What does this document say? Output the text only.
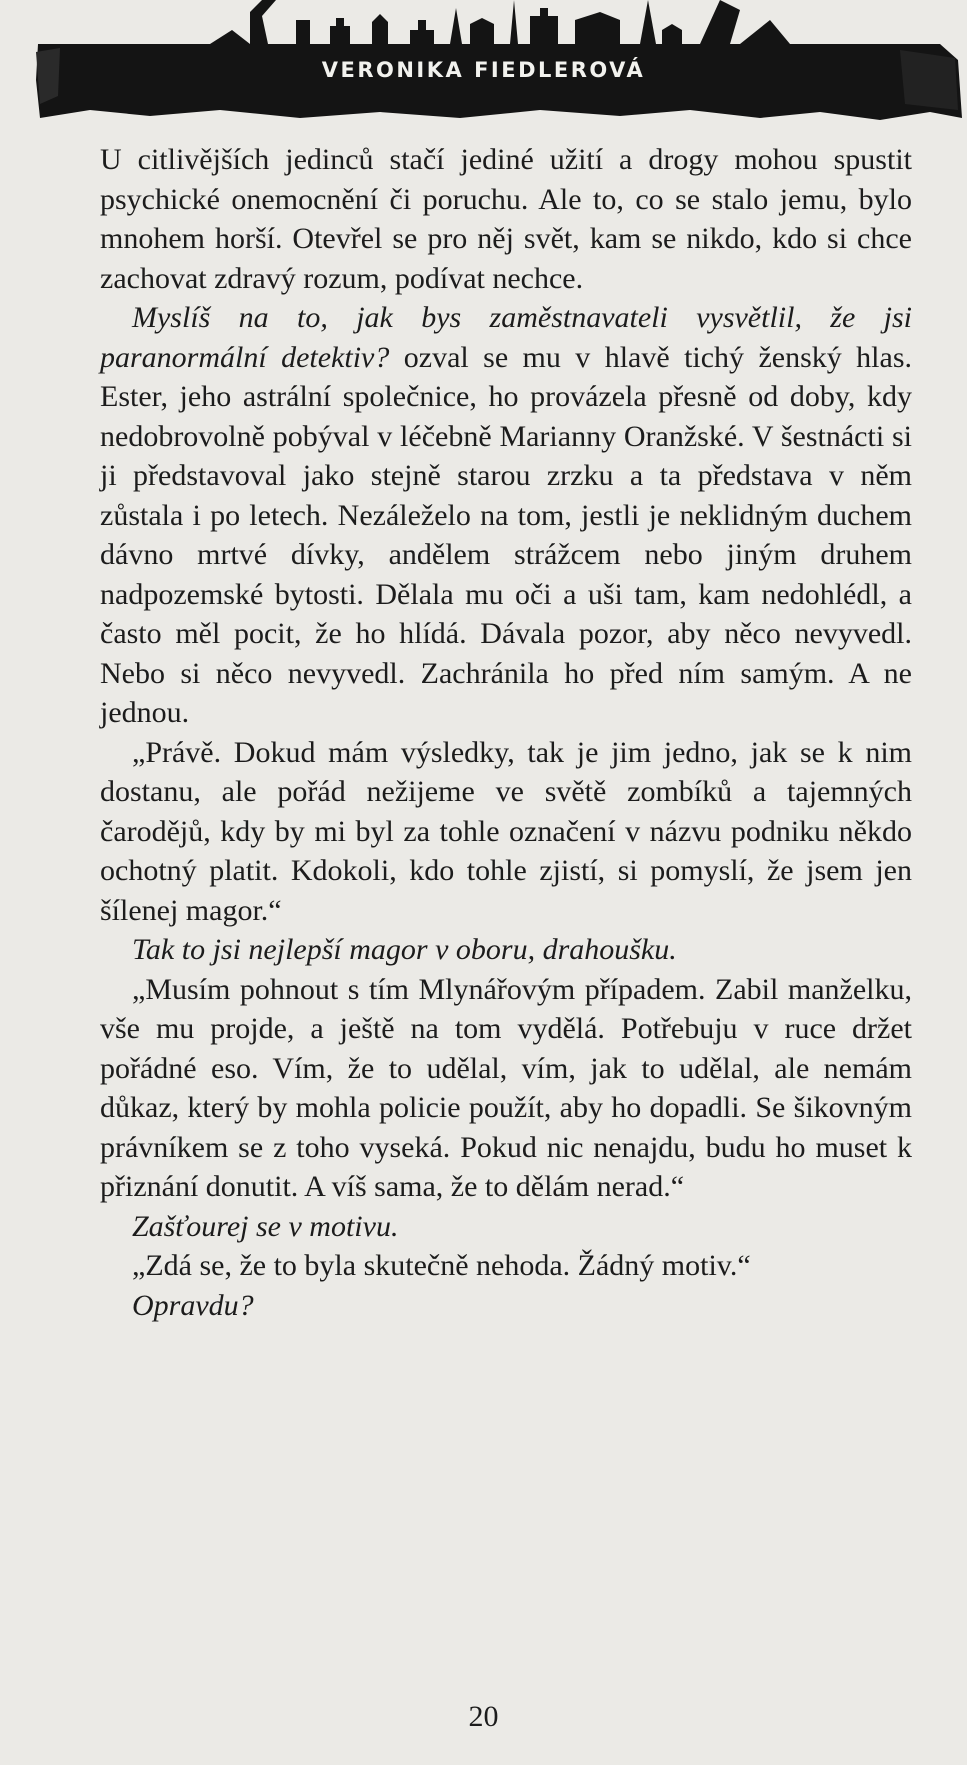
VERONIKA FIEDLEROVÁ

U citlivějších jedinců stačí jediné užití a drogy mohou spustit psychické onemocnění či poruchu. Ale to, co se stalo jemu, bylo mnohem horší. Otevřel se pro něj svět, kam se nikdo, kdo si chce zachovat zdravý rozum, podívat nechce.

Myslíš na to, jak bys zaměstnavateli vysvětlil, že jsi paranormální detektiv? ozval se mu v hlavě tichý ženský hlas. Ester, jeho astrální společnice, ho provázela přesně od doby, kdy nedobrovolně pobýval v léčebně Marianny Oranžské. V šestnácti si ji představoval jako stejně starou zrzku a ta představa v něm zůstala i po letech. Nezáleželo na tom, jestli je neklidným duchem dávno mrtvé dívky, andělem strážcem nebo jiným druhem nadpozemské bytosti. Dělala mu oči a uši tam, kam nedohlédl, a často měl pocit, že ho hlídá. Dávala pozor, aby něco nevyvedl. Nebo si něco nevyvedl. Zachránila ho před ním samým. A ne jednou.

„Právě. Dokud mám výsledky, tak je jim jedno, jak se k nim dostanu, ale pořád nežijeme ve světě zombíků a tajemných čarodějů, kdy by mi byl za tohle označení v názvu podniku někdo ochotný platit. Kdokoli, kdo tohle zjistí, si pomyslí, že jsem jen šílenej magor.“

Tak to jsi nejlepší magor v oboru, drahoušku.

„Musím pohnout s tím Mlynářovým případem. Zabil manželku, vše mu projde, a ještě na tom vydělá. Potřebuju v ruce držet pořádné eso. Vím, že to udělal, vím, jak to udělal, ale nemám důkaz, který by mohla policie použít, aby ho dopadli. Se šikovným právníkem se z toho vyseká. Pokud nic nenajdu, budu ho muset k přiznání donutit. A víš sama, že to dělám nerad.“

Zašťourej se v motivu.

„Zdá se, že to byla skutečně nehoda. Žádný motiv.“

Opravdu?

20
